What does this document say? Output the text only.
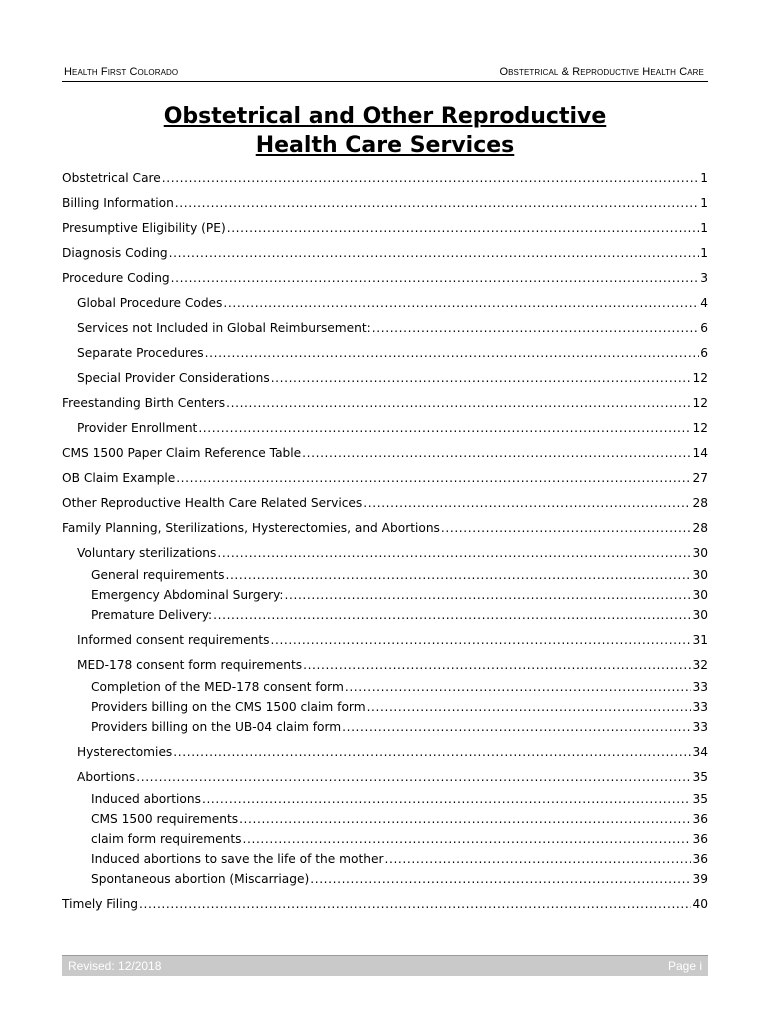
Health First Colorado	Obstetrical & Reproductive Health Care
Obstetrical and Other Reproductive
Health Care Services
Obstetrical Care .....	1
Billing Information .....	1
Presumptive Eligibility (PE) .....	1
Diagnosis Coding .....	1
Procedure Coding .....	3
Global Procedure Codes .....	4
Services not Included in Global Reimbursement: .....	6
Separate Procedures .....	6
Special Provider Considerations .....	12
Freestanding Birth Centers .....	12
Provider Enrollment .....	12
CMS 1500 Paper Claim Reference Table .....	14
OB Claim Example .....	27
Other Reproductive Health Care Related Services .....	28
Family Planning, Sterilizations, Hysterectomies, and Abortions .....	28
Voluntary sterilizations .....	30
General requirements .....	30
Emergency Abdominal Surgery: .....	30
Premature Delivery: .....	30
Informed consent requirements .....	31
MED-178 consent form requirements .....	32
Completion of the MED-178 consent form .....	33
Providers billing on the CMS 1500 claim form .....	33
Providers billing on the UB-04 claim form .....	33
Hysterectomies .....	34
Abortions .....	35
Induced abortions .....	35
CMS 1500 requirements .....	36
claim form requirements .....	36
Induced abortions to save the life of the mother .....	36
Spontaneous abortion (Miscarriage) .....	39
Timely Filing .....	40
Revised: 12/2018	Page i
